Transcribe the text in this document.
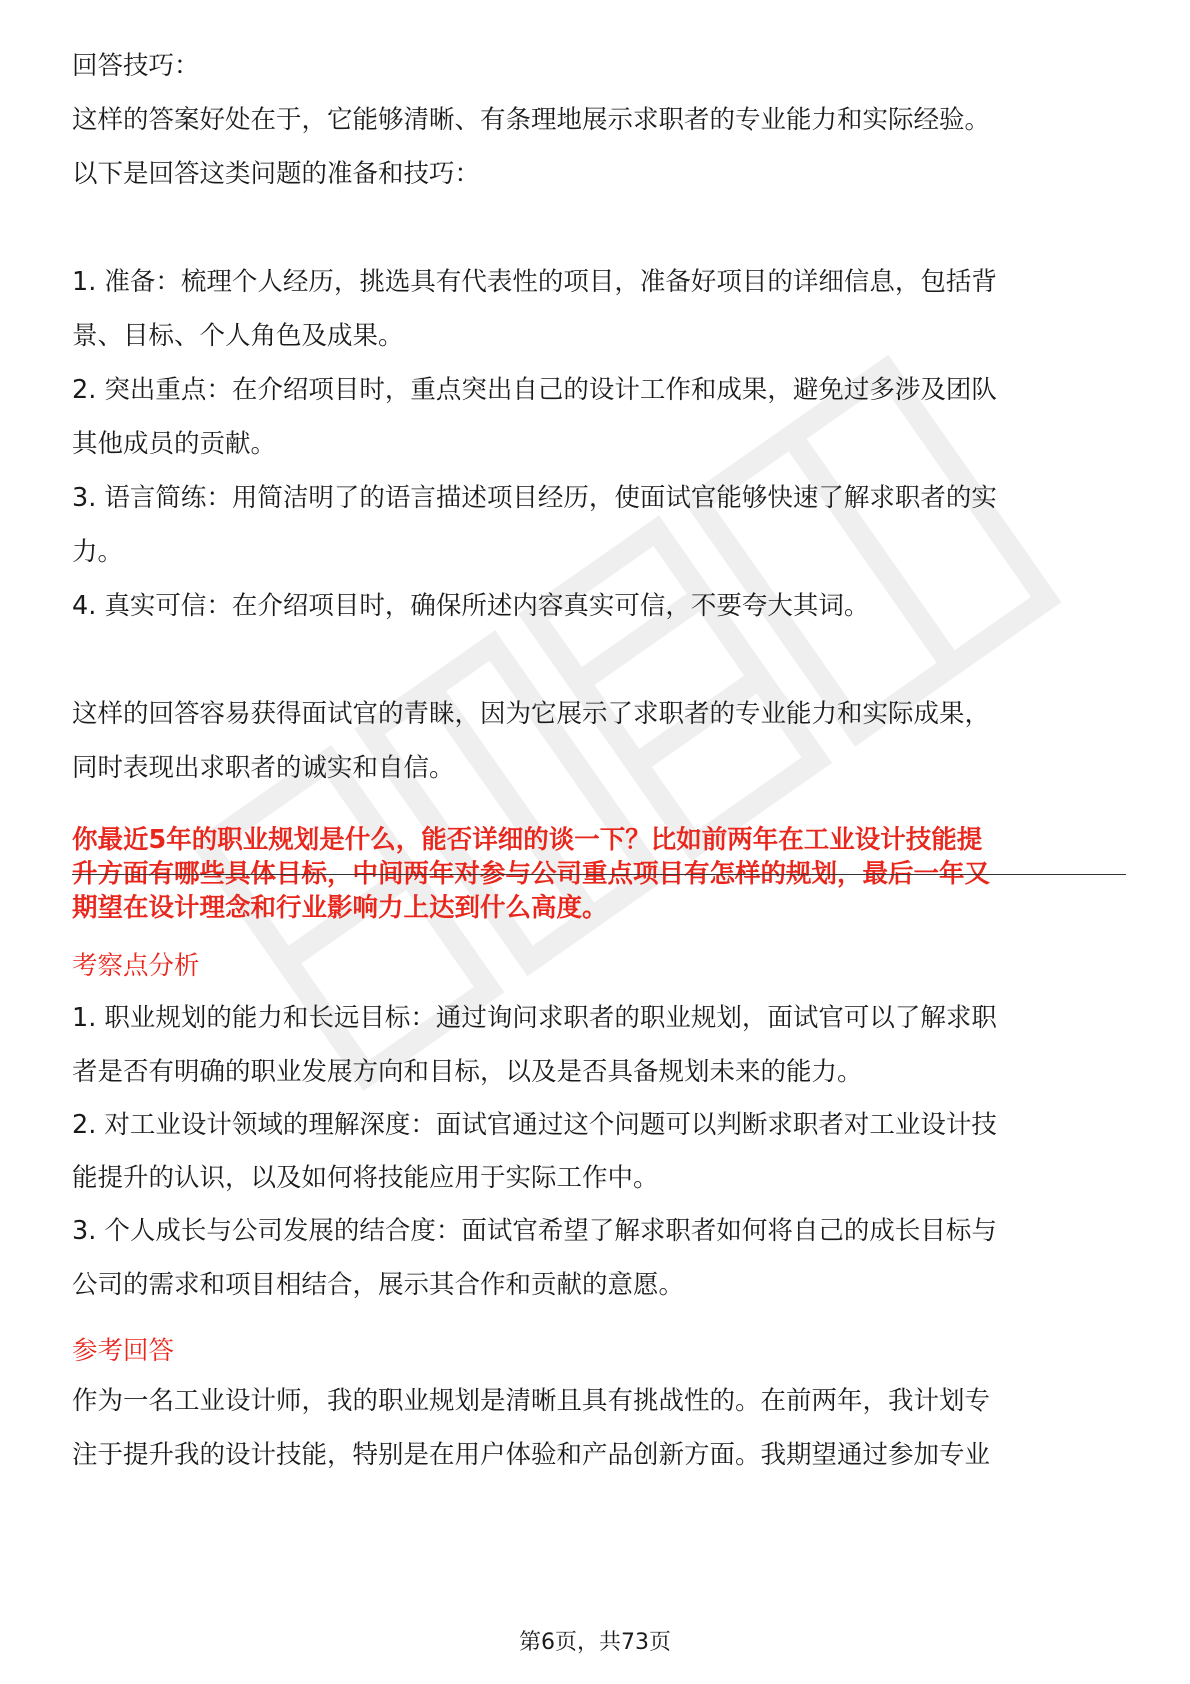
回答技巧：
这样的答案好处在于，它能够清晰、有条理地展示求职者的专业能力和实际经验。
以下是回答这类问题的准备和技巧：
1. 准备：梳理个人经历，挑选具有代表性的项目，准备好项目的详细信息，包括背
景、目标、个人角色及成果。
2. 突出重点：在介绍项目时，重点突出自己的设计工作和成果，避免过多涉及团队
其他成员的贡献。
3. 语言简练：用简洁明了的语言描述项目经历，使面试官能够快速了解求职者的实
力。
4. 真实可信：在介绍项目时，确保所述内容真实可信，不要夸大其词。
这样的回答容易获得面试官的青睐，因为它展示了求职者的专业能力和实际成果，
同时表现出求职者的诚实和自信。
你最近5年的职业规划是什么，能否详细的谈一下？比如前两年在工业设计技能提
升方面有哪些具体目标，中间两年对参与公司重点项目有怎样的规划，最后一年又
期望在设计理念和行业影响力上达到什么高度。
考察点分析
1. 职业规划的能力和长远目标：通过询问求职者的职业规划，面试官可以了解求职
者是否有明确的职业发展方向和目标，以及是否具备规划未来的能力。
2. 对工业设计领域的理解深度：面试官通过这个问题可以判断求职者对工业设计技
能提升的认识，以及如何将技能应用于实际工作中。
3. 个人成长与公司发展的结合度：面试官希望了解求职者如何将自己的成长目标与
公司的需求和项目相结合，展示其合作和贡献的意愿。
参考回答
作为一名工业设计师，我的职业规划是清晰且具有挑战性的。在前两年，我计划专
注于提升我的设计技能，特别是在用户体验和产品创新方面。我期望通过参加专业
第6页，共73页
